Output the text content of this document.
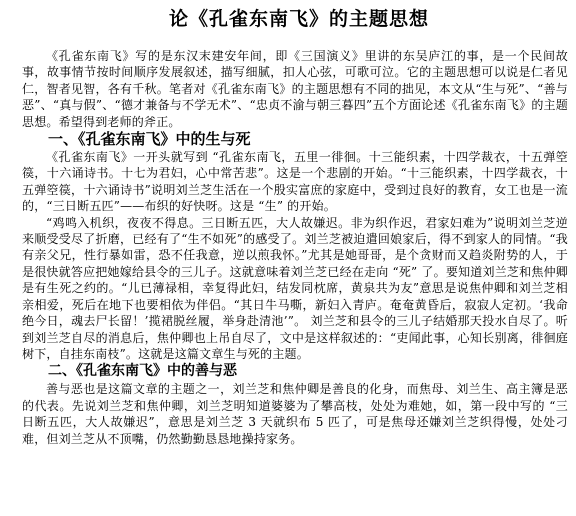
论《孔雀东南飞》的主题思想

《孔雀东南飞》写的是东汉末建安年间，即《三国演义》里讲的东吴庐江的事，是一个民间故事，故事情节按时间顺序发展叙述，描写细腻，扣人心弦，可歌可泣。它的主题思想可以说是仁者见仁，智者见智，各有千秋。笔者对《孔雀东南飞》的主题思想有不同的拙见，本文从“生与死”、“善与恶”、“真与假”、“德才兼备与不学无术”、“忠贞不渝与朝三暮四”五个方面论述《孔雀东南飞》的主题思想。希望得到老师的斧正。

一、《孔雀东南飞》中的生与死

《孔雀东南飞》一开头就写到 “孔雀东南飞，五里一徘徊。十三能织素，十四学裁衣，十五弹箜篌，十六诵诗书。十七为君妇，心中常苦悲”。这是一个悲剧的开始。“十三能织素，十四学裁衣，十五弹箜篌，十六诵诗书”说明刘兰芝生活在一个殷实富庶的家庭中，受到过良好的教育，女工也是一流的，“三日断五匹”——布织的好快呀。这是 “生” 的开始。

“鸡鸣入机织，夜夜不得息。三日断五匹，大人故嫌迟。非为织作迟，君家妇难为”说明刘兰芝逆来顺受受尽了折磨，已经有了“生不如死”的感受了。刘兰芝被迫遣回娘家后，得不到家人的同情。“我有亲父兄，性行暴如雷，恐不任我意，逆以煎我怀。”尤其是她哥哥，是个贪财而又趋炎附势的人，于是很快就答应把她嫁给县令的三儿子。这就意味着刘兰芝已经在走向 “死” 了。要知道刘兰芝和焦仲卿是有生死之约的。“儿已薄禄相，幸复得此妇，结发同枕席，黄泉共为友”意思是说焦仲卿和刘兰芝相亲相爱，死后在地下也要相依为伴侣。“其日牛马嘶，新妇入青庐。奄奄黄昏后，寂寂人定初。‘我命绝今日，魂去尸长留！’揽裙脱丝履，举身赴清池’”。 刘兰芝和县令的三儿子结婚那天投水自尽了。听到刘兰芝自尽的消息后，焦仲卿也上吊自尽了，文中是这样叙述的：“吏闻此事，心知长别离，徘徊庭树下，自挂东南枝”。这就是这篇文章生与死的主题。

二、《孔雀东南飞》中的善与恶

善与恶也是这篇文章的主题之一，刘兰芝和焦仲卿是善良的化身，而焦母、刘兰生、高主簿是恶的代表。先说刘兰芝和焦仲卿，刘兰芝明知道婆婆为了攀高枝，处处为难她，如，第一段中写的 “三日断五匹，大人故嫌迟”，意思是刘兰芝 3 天就织布 5 匹了，可是焦母还嫌刘兰芝织得慢，处处刁难，但刘兰芝从不顶嘴，仍然勤勤恳恳地操持家务。
